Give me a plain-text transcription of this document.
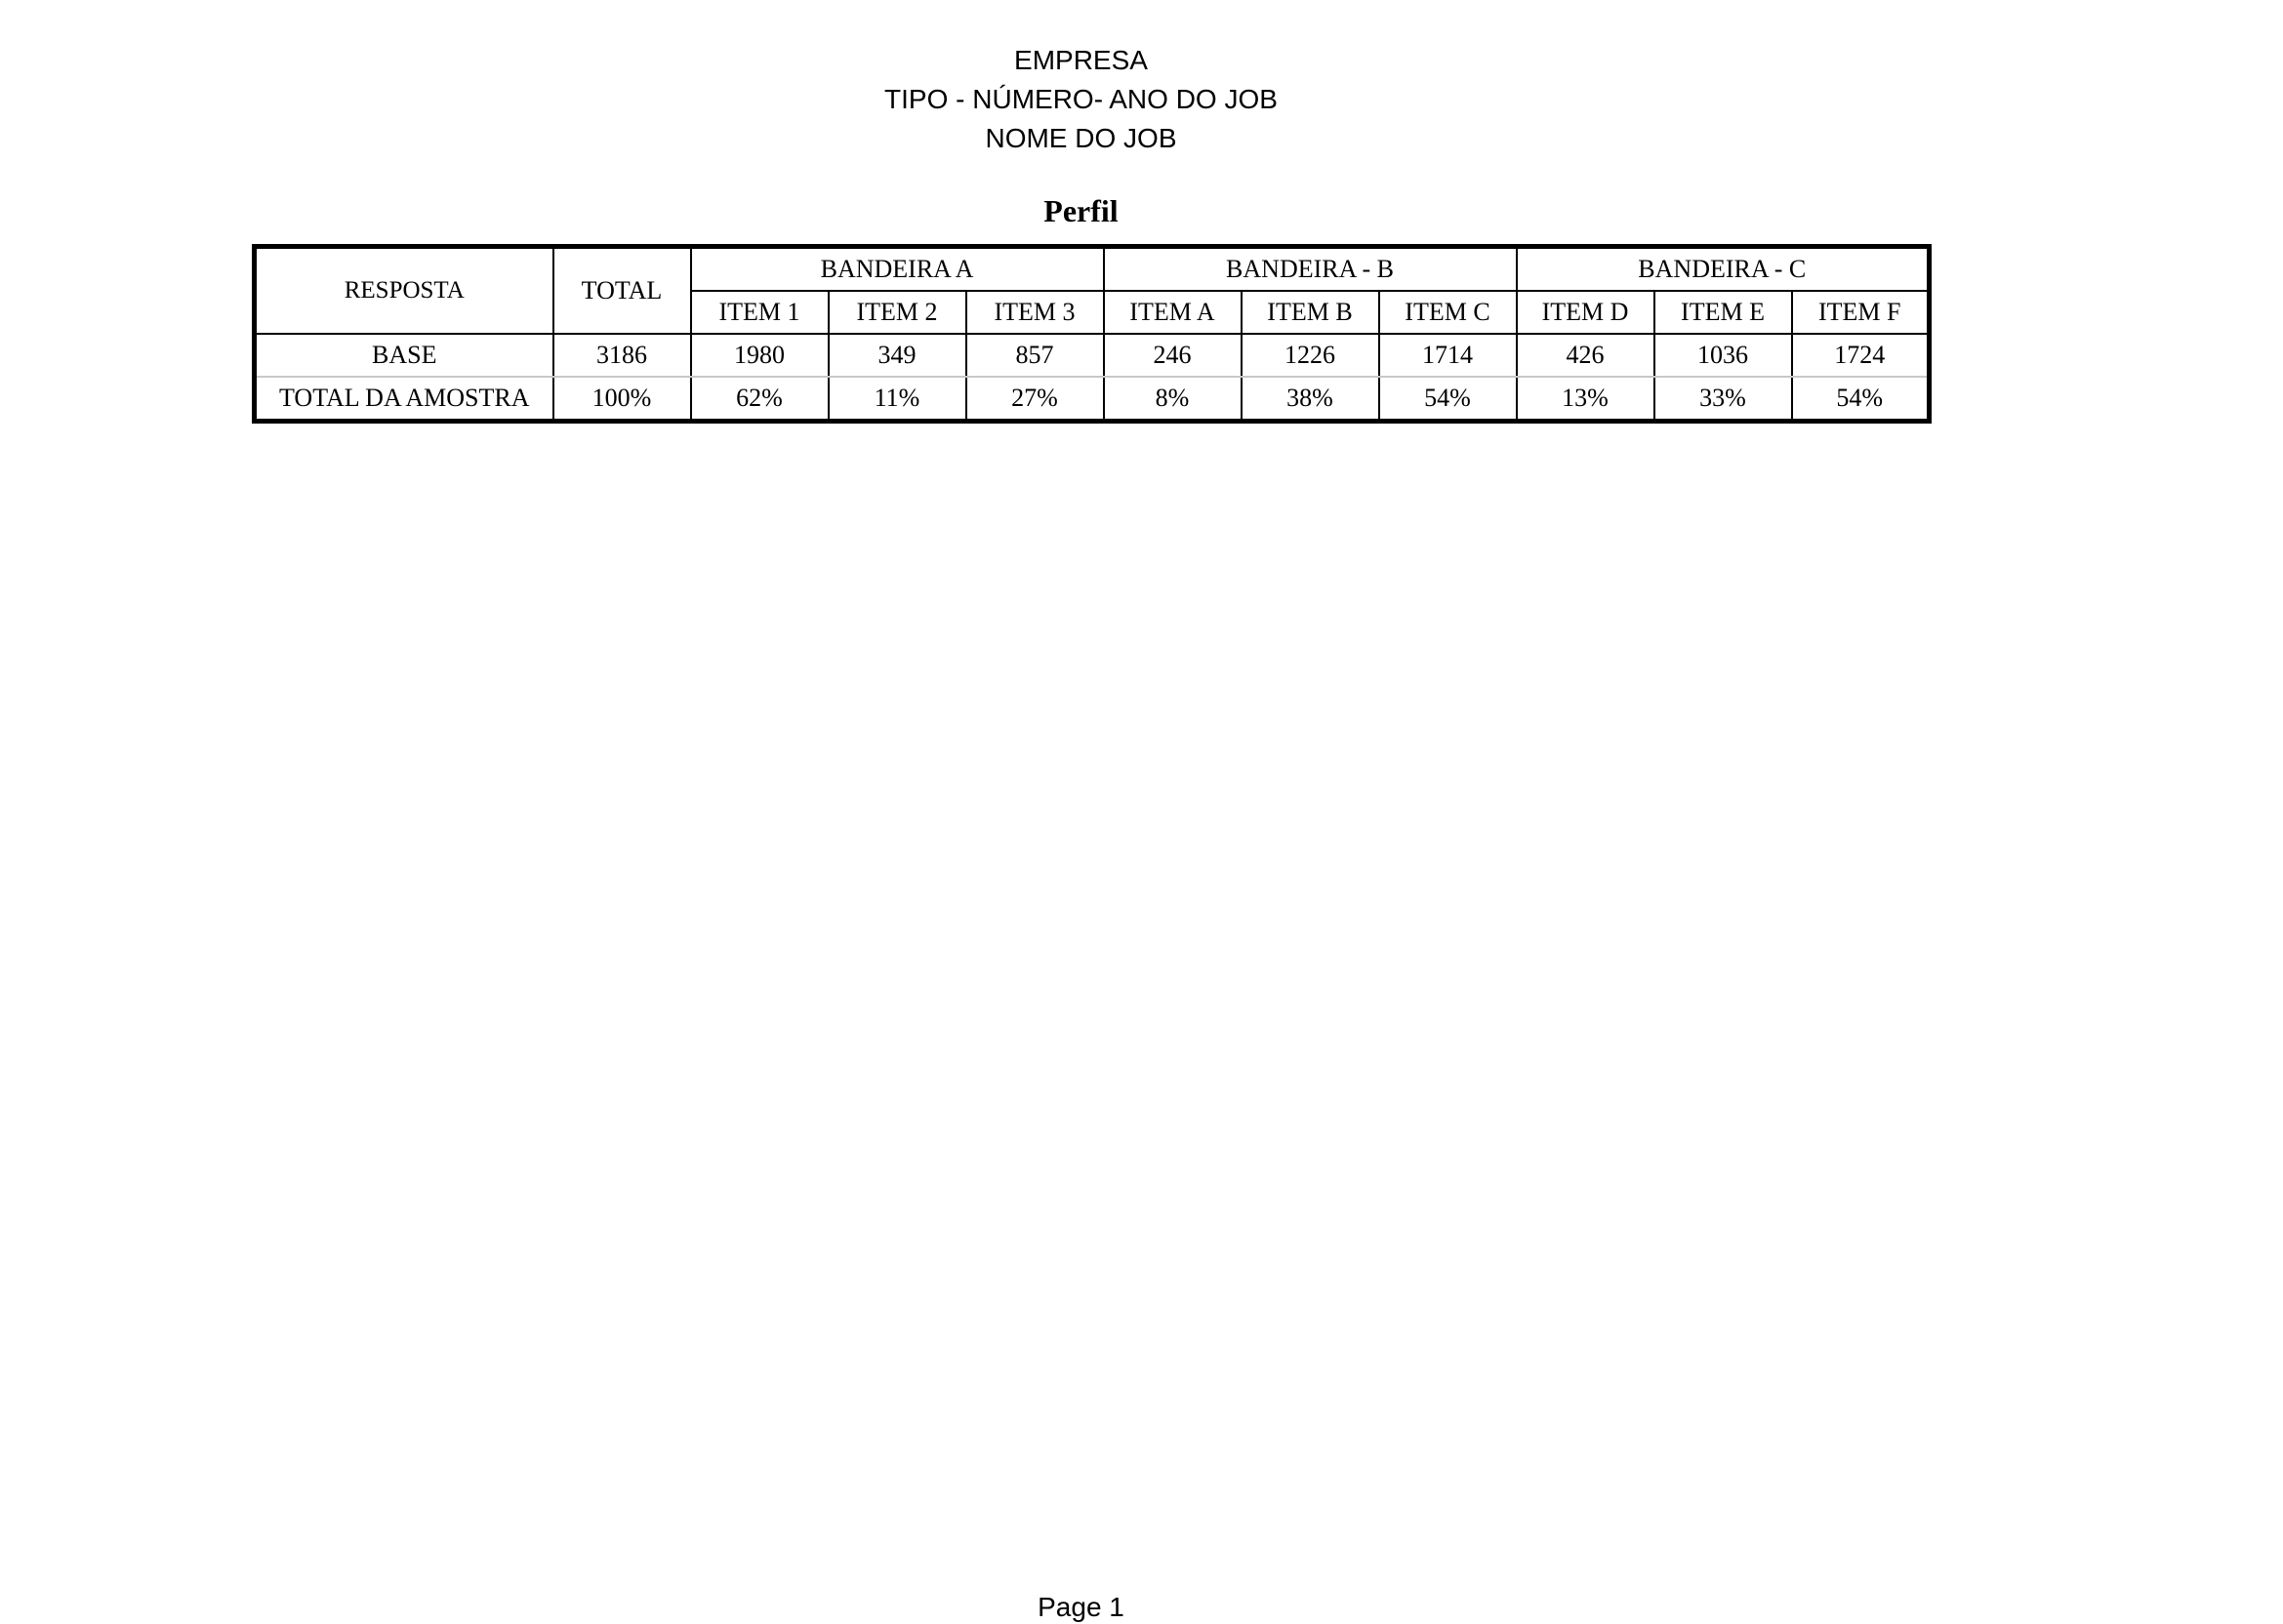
EMPRESA
TIPO - NÚMERO- ANO DO JOB
NOME DO JOB
Perfil
RESPOSTA	TOTAL	BANDEIRA A			BANDEIRA - B			BANDEIRA - C		
		ITEM 1	ITEM 2	ITEM 3	ITEM A	ITEM B	ITEM C	ITEM D	ITEM E	ITEM F
BASE	3186	1980	349	857	246	1226	1714	426	1036	1724
TOTAL DA AMOSTRA	100%	62%	11%	27%	8%	38%	54%	13%	33%	54%
Page 1
